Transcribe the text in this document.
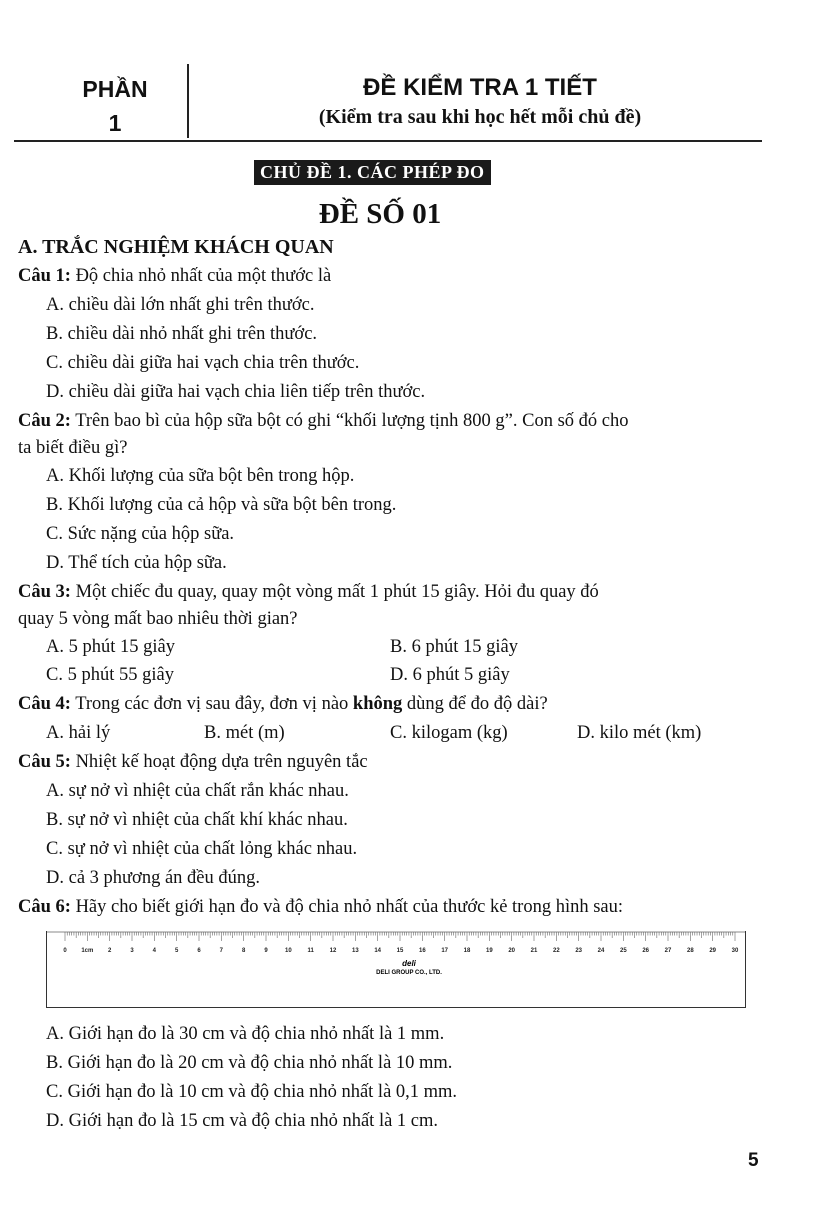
PHẦN
1
ĐỀ KIỂM TRA 1 TIẾT
(Kiểm tra sau khi học hết mỗi chủ đề)
CHỦ ĐỀ 1. CÁC PHÉP ĐO
ĐỀ SỐ 01
A. TRẮC NGHIỆM KHÁCH QUAN
Câu 1: Độ chia nhỏ nhất của một thước là
A. chiều dài lớn nhất ghi trên thước.
B. chiều dài nhỏ nhất ghi trên thước.
C. chiều dài giữa hai vạch chia trên thước.
D. chiều dài giữa hai vạch chia liên tiếp trên thước.
Câu 2: Trên bao bì của hộp sữa bột có ghi “khối lượng tịnh 800 g”. Con số đó cho
ta biết điều gì?
A. Khối lượng của sữa bột bên trong hộp.
B. Khối lượng của cả hộp và sữa bột bên trong.
C. Sức nặng của hộp sữa.
D. Thể tích của hộp sữa.
Câu 3: Một chiếc đu quay, quay một vòng mất 1 phút 15 giây. Hỏi đu quay đó
quay 5 vòng mất bao nhiêu thời gian?
A. 5 phút 15 giây	B. 6 phút 15 giây
C. 5 phút 55 giây	D. 6 phút 5 giây
Câu 4: Trong các đơn vị sau đây, đơn vị nào không dùng để đo độ dài?
A. hải lý	B. mét (m)	C. kilogam (kg)	D. kilo mét (km)
Câu 5: Nhiệt kế hoạt động dựa trên nguyên tắc
A. sự nở vì nhiệt của chất rắn khác nhau.
B. sự nở vì nhiệt của chất khí khác nhau.
C. sự nở vì nhiệt của chất lỏng khác nhau.
D. cả 3 phương án đều đúng.
Câu 6: Hãy cho biết giới hạn đo và độ chia nhỏ nhất của thước kẻ trong hình sau:
0 1cm 2	3	4	5	6	7	8	9	10	11	12	13	14	15	16	17	18	19	20	21	22	23	24	25	26	27	28	29	30
deli
DELI GROUP CO., LTD.
A. Giới hạn đo là 30 cm và độ chia nhỏ nhất là 1 mm.
B. Giới hạn đo là 20 cm và độ chia nhỏ nhất là 10 mm.
C. Giới hạn đo là 10 cm và độ chia nhỏ nhất là 0,1 mm.
D. Giới hạn đo là 15 cm và độ chia nhỏ nhất là 1 cm.
5
